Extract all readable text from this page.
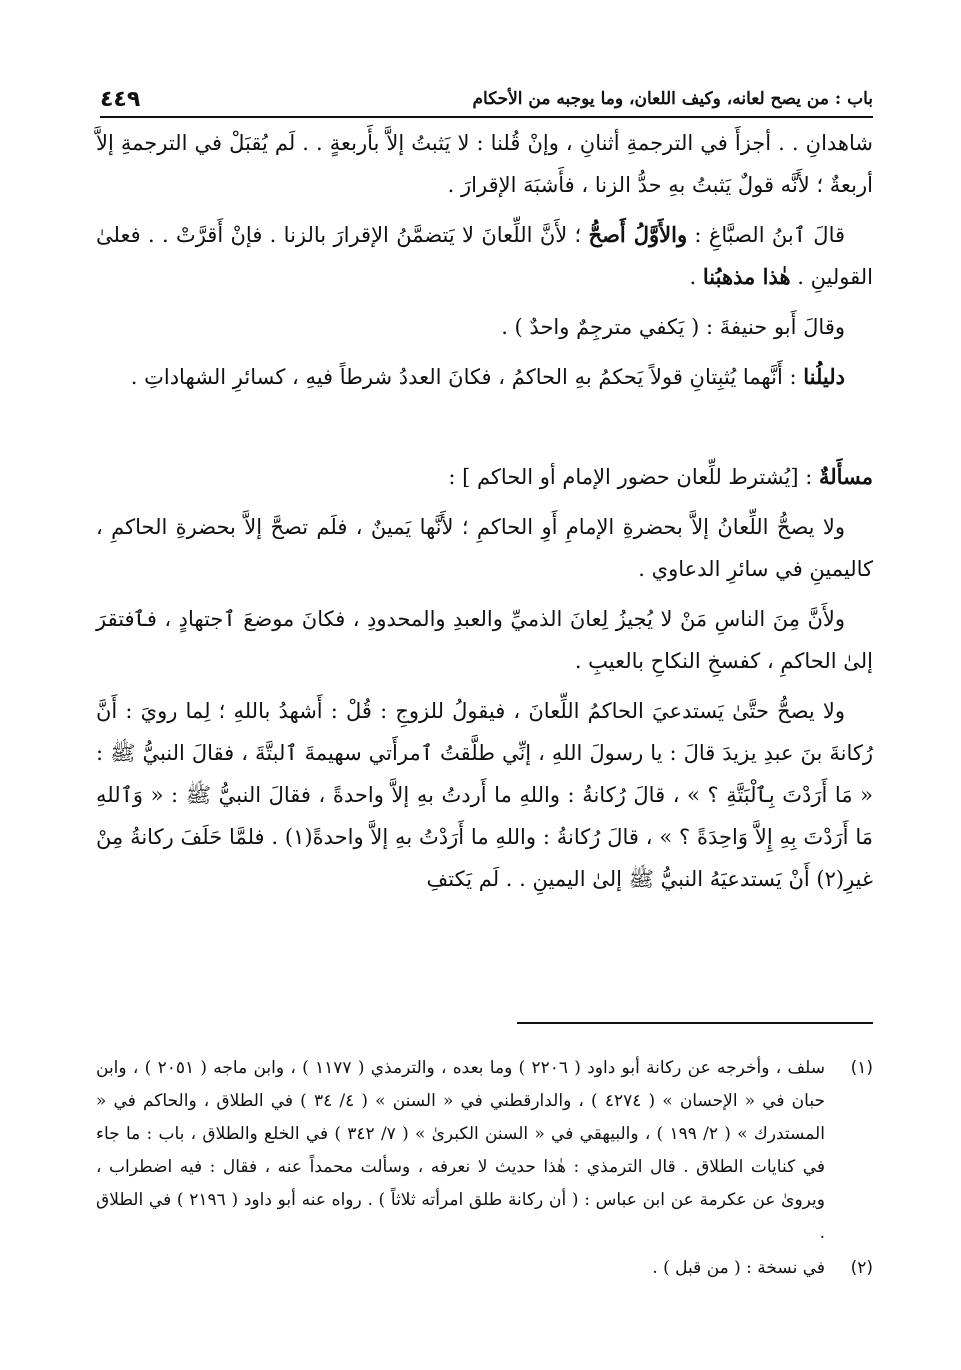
باب : من يصح لعانه، وكيف اللعان، وما يوجبه من الأحكام
٤٤٩

شاهدانِ . . أجزأَ في الترجمةِ أثنانِ ، وإنْ قُلنا : لا يَثبتُ إلاَّ بأَربعةٍ . . لَم يُقبَلْ في الترجمةِ إلاَّ أربعةٌ ؛ لأَنَّه قولٌ يَثبتُ بهِ حدُّ الزنا ، فأَشبَهَ الإقرارَ .

قالَ ٱبنُ الصبَّاغِ : والأَوَّلُ أَصحُّ ؛ لأَنَّ اللِّعانَ لا يَتضمَّنُ الإقرارَ بالزنا . فإنْ أَقرَّتْ . . فعلىٰ القولينِ . هٰذا مذهبُنا .

وقالَ أَبو حنيفةَ : ( يَكفي مترجِمٌ واحدٌ ) .

دليلُنا : أَنَّهما يُثبِتانِ قولاً يَحكمُ بهِ الحاكمُ ، فكانَ العددُ شرطاً فيهِ ، كسائرِ الشهاداتِ .

مسأَلةٌ : [يُشترط للِّعان حضور الإمام أو الحاكم ] :

ولا يصحُّ اللِّعانُ إلاَّ بحضرةِ الإمامِ أَوِ الحاكمِ ؛ لأَنَّها يَمينٌ ، فلَم تصحَّ إلاَّ بحضرةِ الحاكمِ ، كاليمينِ في سائرِ الدعاوي .

ولأَنَّ مِنَ الناسِ مَنْ لا يُجيزُ لِعانَ الذميِّ والعبدِ والمحدودِ ، فكانَ موضعَ ٱجتهادٍ ، فٱفتقرَ إلىٰ الحاكمِ ، كفسخِ النكاحِ بالعيبِ .

ولا يصحُّ حتَّىٰ يَستدعيَ الحاكمُ اللِّعانَ ، فيقولُ للزوجِ : قُلْ : أَشهدُ باللهِ ؛ لِما رويَ : أَنَّ رُكانةَ بنَ عبدِ يزيدَ قالَ : يا رسولَ اللهِ ، إنِّي طلَّقتُ ٱمرأَتي سهيمةَ ٱلبتَّةَ ، فقالَ النبيُّ ﷺ : « مَا أَرَدْتَ بِٱلْبَتَّةِ ؟ » ، قالَ رُكانةُ : واللهِ ما أَردتُ بهِ إلاَّ واحدةً ، فقالَ النبيُّ ﷺ : « وَٱللهِ مَا أَرَدْتَ بِهِ إِلاَّ وَاحِدَةً ؟ » ، قالَ رُكانةُ : واللهِ ما أَرَدْتُ بهِ إلاَّ واحدةً(١) . فلمَّا حَلَفَ ركانةُ مِنْ غيرِ(٢) أَنْ يَستدعيَهُ النبيُّ ﷺ إلىٰ اليمينِ . . لَم يَكتفِ

(١)
سلف ، وأخرجه عن ركانة أبو داود ( ٢٢٠٦ ) وما بعده ، والترمذي ( ١١٧٧ ) ، وابن ماجه ( ٢٠٥١ ) ، وابن حبان في « الإحسان » ( ٤٢٧٤ ) ، والدارقطني في « السنن » ( ٤/ ٣٤ ) في الطلاق ، والحاكم في « المستدرك » ( ٢/ ١٩٩ ) ، والبيهقي في « السنن الكبرىٰ » ( ٧/ ٣٤٢ ) في الخلع والطلاق ، باب : ما جاء في كنايات الطلاق . قال الترمذي : هٰذا حديث لا نعرفه ، وسألت محمداً عنه ، فقال : فيه اضطراب ، ويروىٰ عن عكرمة عن ابن عباس : ( أن ركانة طلق امرأته ثلاثاً ) . رواه عنه أبو داود ( ٢١٩٦ ) في الطلاق .
(٢)
في نسخة : ( من قبل ) .
